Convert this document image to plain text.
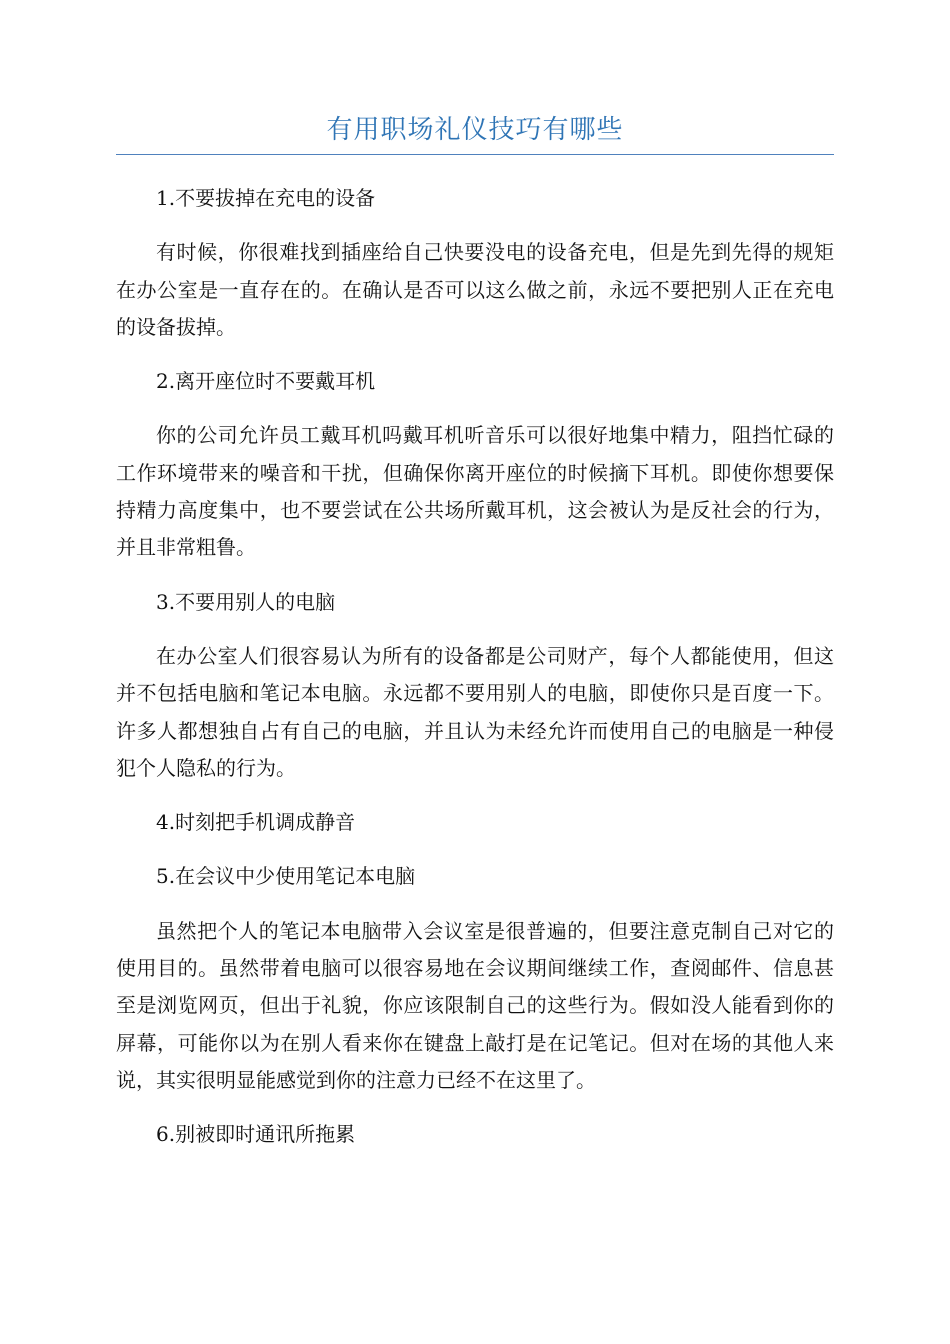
有用职场礼仪技巧有哪些

1.不要拔掉在充电的设备

有时候，你很难找到插座给自己快要没电的设备充电，但是先到先得的规矩在办公室是一直存在的。在确认是否可以这么做之前，永远不要把别人正在充电的设备拔掉。

2.离开座位时不要戴耳机

你的公司允许员工戴耳机吗戴耳机听音乐可以很好地集中精力，阻挡忙碌的工作环境带来的噪音和干扰，但确保你离开座位的时候摘下耳机。即使你想要保持精力高度集中，也不要尝试在公共场所戴耳机，这会被认为是反社会的行为，并且非常粗鲁。

3.不要用别人的电脑

在办公室人们很容易认为所有的设备都是公司财产，每个人都能使用，但这并不包括电脑和笔记本电脑。永远都不要用别人的电脑，即使你只是百度一下。许多人都想独自占有自己的电脑，并且认为未经允许而使用自己的电脑是一种侵犯个人隐私的行为。

4.时刻把手机调成静音

5.在会议中少使用笔记本电脑

虽然把个人的笔记本电脑带入会议室是很普遍的，但要注意克制自己对它的使用目的。虽然带着电脑可以很容易地在会议期间继续工作，查阅邮件、信息甚至是浏览网页，但出于礼貌，你应该限制自己的这些行为。假如没人能看到你的屏幕，可能你以为在别人看来你在键盘上敲打是在记笔记。但对在场的其他人来说，其实很明显能感觉到你的注意力已经不在这里了。

6.别被即时通讯所拖累
